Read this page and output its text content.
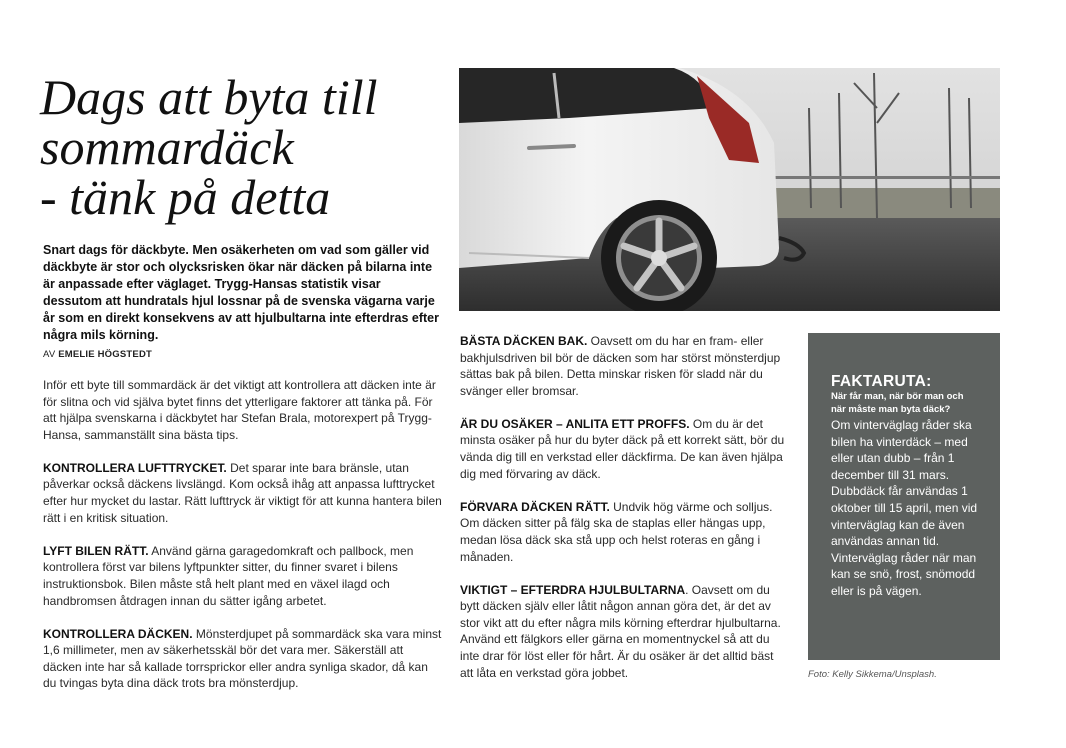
Dags att byta till
sommardäck
- tänk på detta

Snart dags för däckbyte. Men osäkerheten om vad som gäller vid däckbyte är stor och olycksrisken ökar när däcken på bilarna inte är anpassade efter väglaget. Trygg-Hansas statistik visar dessutom att hundratals hjul lossnar på de svenska vägarna varje år som en direkt konsekvens av att hjulbultarna inte efterdras efter några mils körning.

AV EMELIE HÖGSTEDT

Inför ett byte till sommardäck är det viktigt att kontrollera att däcken inte är för slitna och vid själva bytet finns det ytterligare faktorer att tänka på. För att hjälpa svenskarna i däckbytet har Stefan Brala, motorexpert på Trygg-Hansa, sammanställt sina bästa tips.

KONTROLLERA LUFTTRYCKET. Det sparar inte bara bränsle, utan påverkar också däckens livslängd. Kom också ihåg att anpassa lufttrycket efter hur mycket du lastar. Rätt lufttryck är viktigt för att kunna hantera bilen rätt i en kritisk situation.

LYFT BILEN RÄTT. Använd gärna garagedomkraft och pallbock, men kontrollera först var bilens lyftpunkter sitter, du finner svaret i bilens instruktionsbok. Bilen måste stå helt plant med en växel ilagd och handbromsen åtdragen innan du sätter igång arbetet.

KONTROLLERA DÄCKEN. Mönsterdjupet på sommardäck ska vara minst 1,6 millimeter, men av säkerhetsskäl bör det vara mer. Säkerställ att däcken inte har så kallade torrsprickor eller andra synliga skador, då kan du tvingas byta dina däck trots bra mönsterdjup.

BÄSTA DÄCKEN BAK. Oavsett om du har en fram- eller bakhjulsdriven bil bör de däcken som har störst mönsterdjup sättas bak på bilen. Detta minskar risken för sladd när du svänger eller bromsar.

ÄR DU OSÄKER – ANLITA ETT PROFFS. Om du är det minsta osäker på hur du byter däck på ett korrekt sätt, bör du vända dig till en verkstad eller däckfirma. De kan även hjälpa dig med förvaring av däck.

FÖRVARA DÄCKEN RÄTT. Undvik hög värme och solljus. Om däcken sitter på fälg ska de staplas eller hängas upp, medan lösa däck ska stå upp och helst roteras en gång i månaden.

VIKTIGT – EFTERDRA HJULBULTARNA. Oavsett om du bytt däcken själv eller låtit någon annan göra det, är det av stor vikt att du efter några mils körning efterdrar hjulbultarna. Använd ett fälgkors eller gärna en momentnyckel så att du inte drar för löst eller för hårt. Är du osäker är det alltid bäst att låta en verkstad göra jobbet.

FAKTARUTA:
När får man, när bör man och när måste man byta däck?
Om vinterväglag råder ska bilen ha vinterdäck – med eller utan dubb – från 1 december till 31 mars. Dubbdäck får användas 1 oktober till 15 april, men vid vinterväglag kan de även användas annan tid. Vinterväglag råder när man kan se snö, frost, snömodd eller is på vägen.

Foto: Kelly Sikkema/Unsplash.
